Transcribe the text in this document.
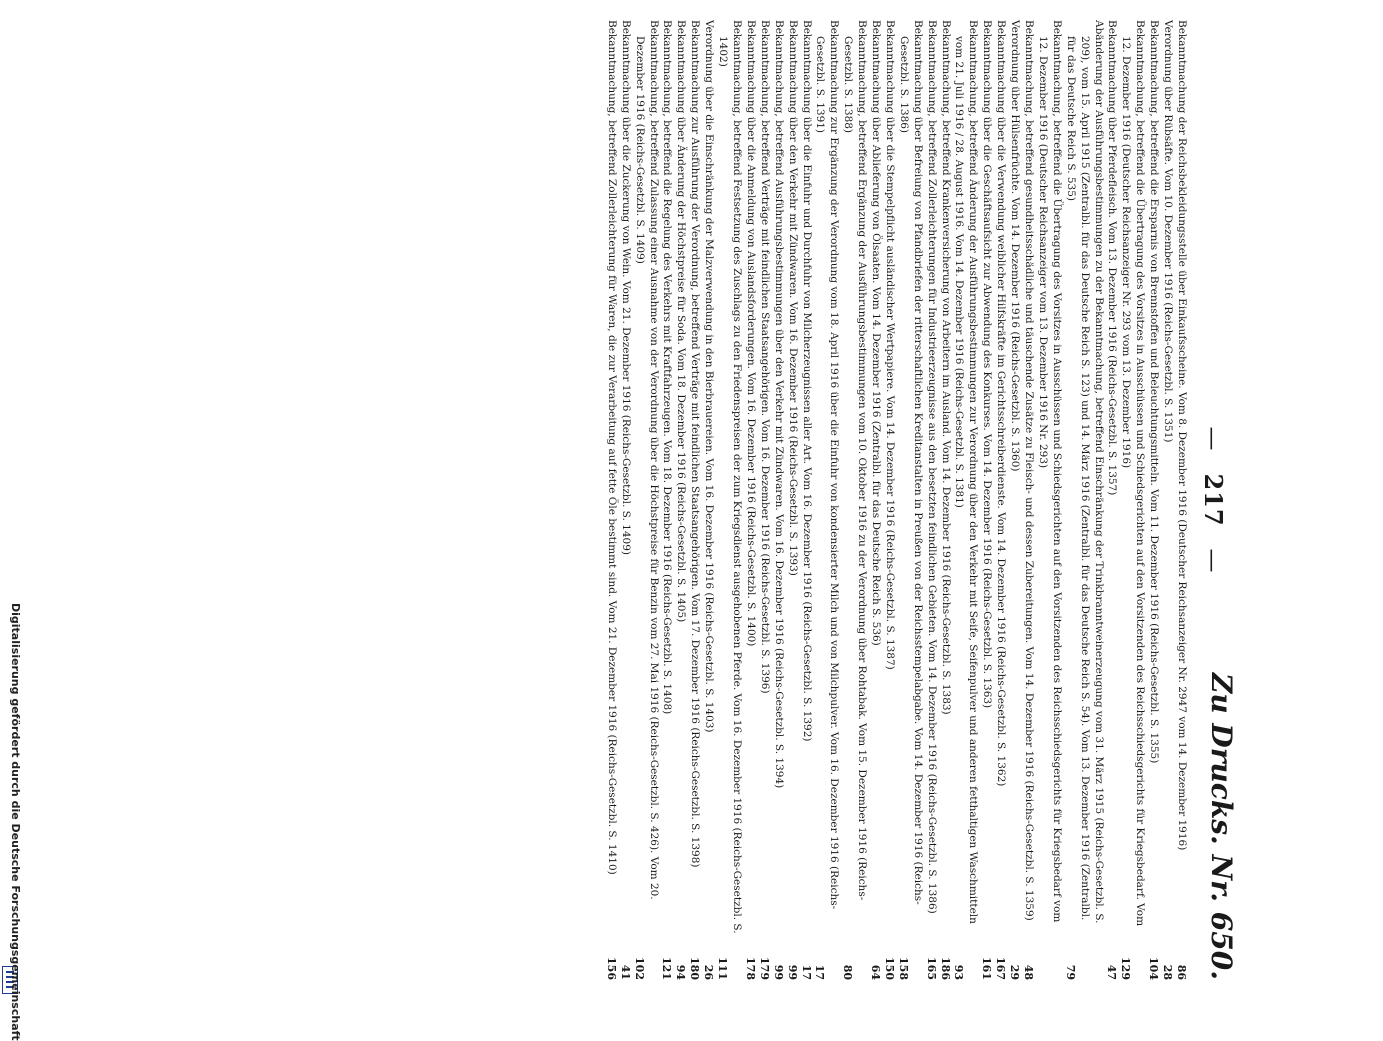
Digitalisierung gefördert durch die Deutsche Forschungsgemeinschaft
—217—
Zu Drucks. Nr. 650.
Bekanntmachung der Reichsbekleidungsstelle über Einkaufsscheine. Vom 8. Dezember 1916 (Deutscher Reichsanzeiger Nr. 2947 vom 14. Dezember 1916)
86
Verordnung über Rübsäfte. Vom 10. Dezember 1916 (Reichs-Gesetzbl. S. 1351)
28
Bekanntmachung, betreffend die Ersparnis von Brennstoffen und Beleuchtungsmitteln. Vom 11. Dezember 1916 (Reichs-Gesetzbl. S. 1355)
104
Bekanntmachung, betreffend die Übertragung des Vorsitzes in Ausschüssen und Schiedsgerichten auf den Vorsitzenden des Reichsschiedsgerichts für Kriegsbedarf. Vom 12. Dezember 1916 (Deutscher Reichsanzeiger Nr. 293 vom 13. Dezember 1916)
129
Bekanntmachung über Pferdefleisch. Vom 13. Dezember 1916 (Reichs-Gesetzbl. S. 1357)
47
Abänderung der Ausführungsbestimmungen zu der Bekanntmachung, betreffend Einschränkung der Trinkbranntweinerzeugung vom 31. März 1915 (Reichs-Gesetzbl. S. 209), vom 15. April 1915 (Zentralbl. für das Deutsche Reich S. 123) und 14. März 1916 (Zentralbl. für das Deutsche Reich S. 54). Vom 13. Dezember 1916 (Zentralbl. für das Deutsche Reich S. 535)
79
Bekanntmachung, betreffend die Übertragung des Vorsitzes in Ausschüssen und Schiedsgerichten auf den Vorsitzenden des Reichsschiedsgerichts für Kriegsbedarf vom 12. Dezember 1916 (Deutscher Reichsanzeiger vom 13. Dezember 1916 Nr. 293)
Bekanntmachung, betreffend gesundheitsschädliche und täuschende Zusätze zu Fleisch- und dessen Zubereitungen. Vom 14. Dezember 1916 (Reichs-Gesetzbl. S. 1359)
48
Verordnung über Hülsenfrüchte. Vom 14. Dezember 1916 (Reichs-Gesetzbl. S. 1360)
29
Bekanntmachung über die Verwendung weiblicher Hilfskräfte im Gerichtsschreiberdienste. Vom 14. Dezember 1916 (Reichs-Gesetzbl. S. 1362)
167
Bekanntmachung über die Geschäftsaufsicht zur Abwendung des Konkurses. Vom 14. Dezember 1916 (Reichs-Gesetzbl. S. 1363)
161
Bekanntmachung, betreffend Änderung der Ausführungsbestimmungen zur Verordnung über den Verkehr mit Seife, Seifenpulver und anderen fetthaltigen Waschmitteln vom 21. Juli 1916 / 28. August 1916. Vom 14. Dezember 1916 (Reichs-Gesetzbl. S. 1381)
93
Bekanntmachung, betreffend Krankenversicherung von Arbeitern im Ausland. Vom 14. Dezember 1916 (Reichs-Gesetzbl. S. 1383)
186
Bekanntmachung, betreffend Zollerleichterungen für Industrieerzeugnisse aus den besetzten feindlichen Gebieten. Vom 14. Dezember 1916 (Reichs-Gesetzbl. S. 1386)
165
Bekanntmachung über Befreiung von Pfandbriefen der ritterschaftlichen Kreditanstalten in Preußen von der Reichsstempelabgabe. Vom 14. Dezember 1916 (Reichs-Gesetzbl. S. 1386)
158
Bekanntmachung über die Stempelpflicht ausländischer Wertpapiere. Vom 14. Dezember 1916 (Reichs-Gesetzbl. S. 1387)
150
Bekanntmachung über Ablieferung von Ölsaaten. Vom 14. Dezember 1916 (Zentralbl. für das Deutsche Reich S. 536)
64
Bekanntmachung, betreffend Ergänzung der Ausführungsbestimmungen vom 10. Oktober 1916 zu der Verordnung über Rohtabak. Vom 15. Dezember 1916 (Reichs-Gesetzbl. S. 1388)
80
Bekanntmachung zur Ergänzung der Verordnung vom 18. April 1916 über die Einfuhr von kondensierter Milch und von Milchpulver. Vom 16. Dezember 1916 (Reichs-Gesetzbl. S. 1391)
17
Bekanntmachung über die Einfuhr und Durchfuhr von Milcherzeugnissen aller Art. Vom 16. Dezember 1916 (Reichs-Gesetzbl. S. 1392)
17
Bekanntmachung über den Verkehr mit Zündwaren. Vom 16. Dezember 1916 (Reichs-Gesetzbl. S. 1393)
99
Bekanntmachung, betreffend Ausführungsbestimmungen über den Verkehr mit Zündwaren. Vom 16. Dezember 1916 (Reichs-Gesetzbl. S. 1394)
99
Bekanntmachung, betreffend Verträge mit feindlichen Staatsangehörigen. Vom 16. Dezember 1916 (Reichs-Gesetzbl. S. 1396)
179
Bekanntmachung über die Anmeldung von Auslandsforderungen. Vom 16. Dezember 1916 (Reichs-Gesetzbl. S. 1400)
178
Bekanntmachung, betreffend Festsetzung des Zuschlags zu den Friedenspreisen der zum Kriegsdienst ausgehobenen Pferde. Vom 16. Dezember 1916 (Reichs-Gesetzbl. S. 1402)
111
Verordnung über die Einschränkung der Malzverwendung in den Bierbrauereien. Vom 16. Dezember 1916 (Reichs-Gesetzbl. S. 1403)
26
Bekanntmachung zur Ausführung der Verordnung, betreffend Verträge mit feindlichen Staatsangehörigen. Vom 17. Dezember 1916 (Reichs-Gesetzbl. S. 1398)
180
Bekanntmachung über Änderung der Höchstpreise für Soda. Vom 18. Dezember 1916 (Reichs-Gesetzbl. S. 1405)
94
Bekanntmachung, betreffend die Regelung des Verkehrs mit Kraftfahrzeugen. Vom 18. Dezember 1916 (Reichs-Gesetzbl. S. 1408)
121
Bekanntmachung, betreffend Zulassung einer Ausnahme von der Verordnung über die Höchstpreise für Benzin vom 27. Mai 1916 (Reichs-Gesetzbl. S. 426). Vom 20. Dezember 1916 (Reichs-Gesetzbl. S. 1409)
102
Bekanntmachung über die Zuckerung von Wein. Vom 21. Dezember 1916 (Reichs-Gesetzbl. S. 1409)
41
Bekanntmachung, betreffend Zollerleichterung für Waren, die zur Verarbeitung auf fette Öle bestimmt sind. Vom 21. Dezember 1916 (Reichs-Gesetzbl. S. 1410)
156
